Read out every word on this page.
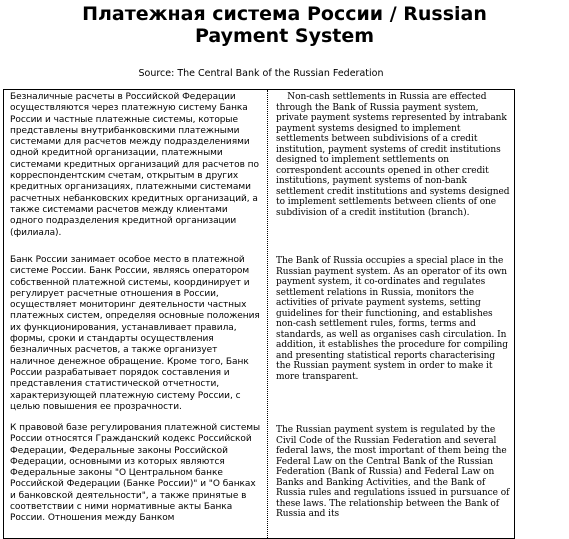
Платежная система России / Russian
Payment System
Source: The Central Bank of the Russian Federation

Безналичные расчеты в Российской Федерации осуществляются через платежную систему Банка России и частные платежные системы, которые представлены внутрибанковскими платежными системами для расчетов между подразделениями одной кредитной организации, платежными системами кредитных организаций для расчетов по корреспондентским счетам, открытым в других кредитных организациях, платежными системами расчетных небанковских кредитных организаций, а также системами расчетов между клиентами одного подразделения кредитной организации (филиала).

Банк России занимает особое место в платежной системе России. Банк России, являясь оператором собственной платежной системы, координирует и регулирует расчетные отношения в России, осуществляет мониторинг деятельности частных платежных систем, определяя основные положения их функционирования, устанавливает правила, формы, сроки и стандарты осуществления безналичных расчетов, а также организует наличное денежное обращение. Кроме того, Банк России разрабатывает порядок составления и представления статистической отчетности, характеризующей платежную систему России, с целью повышения ее прозрачности.

К правовой базе регулирования платежной системы России относятся Гражданский кодекс Российской Федерации, Федеральные законы Российской Федерации, основными из которых являются Федеральные законы "О Центральном банке Российской Федерации (Банке России)" и "О банках и банковской деятельности", а также принятые в соответствии с ними нормативные акты Банка России. Отношения между Банком

Non-cash settlements in Russia are effected through the Bank of Russia payment system, private payment systems represented by intrabank payment systems designed to implement settlements between subdivisions of a credit institution, payment systems of credit institutions designed to implement settlements on correspondent accounts opened in other credit institutions, payment systems of non-bank settlement credit institutions and systems designed to implement settlements between clients of one subdivision of a credit institution (branch).

The Bank of Russia occupies a special place in the Russian payment system. As an operator of its own payment system, it co-ordinates and regulates settlement relations in Russia, monitors the activities of private payment systems, setting guidelines for their functioning, and establishes non-cash settlement rules, forms, terms and standards, as well as organises cash circulation. In addition, it establishes the procedure for compiling and presenting statistical reports characterising the Russian payment system in order to make it more transparent.

The Russian payment system is regulated by the Civil Code of the Russian Federation and several federal laws, the most important of them being the Federal Law on the Central Bank of the Russian Federation (Bank of Russia) and Federal Law on Banks and Banking Activities, and the Bank of Russia rules and regulations issued in pursuance of these laws. The relationship between the Bank of Russia and its
